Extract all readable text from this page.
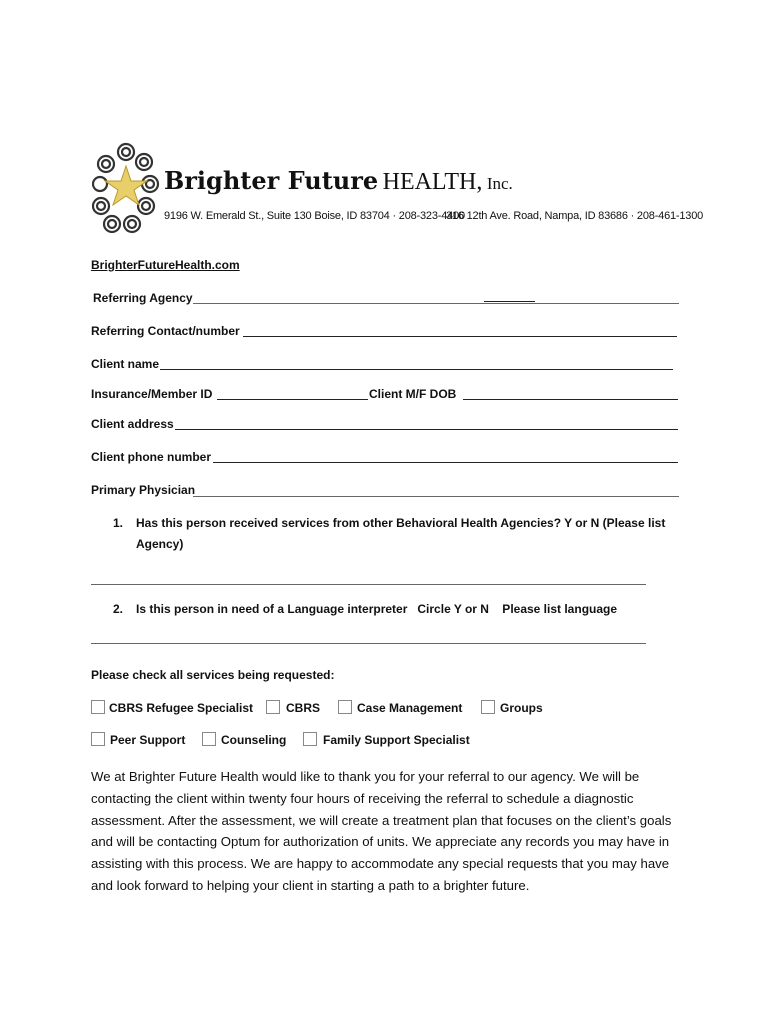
Brighter Future HEALTH, Inc.
9196 W. Emerald St., Suite 130 Boise, ID 83704 · 208-323-4400
316 12th Ave. Road, Nampa, ID 83686 · 208-461-1300
BrighterFutureHealth.com
Referring Agency
Referring Contact/number
Client name
Insurance/Member ID	Client M/F DOB
Client address
Client phone number
Primary Physician
1. Has this person received services from other Behavioral Health Agencies? Y or N (Please list
Agency)
2. Is this person in need of a Language interpreter   Circle Y or N    Please list language
Please check all services being requested:
CBRS Refugee Specialist	CBRS	Case Management	Groups
Peer Support	Counseling	Family Support Specialist
We at Brighter Future Health would like to thank you for your referral to our agency. We will be contacting the client within twenty four hours of receiving the referral to schedule a diagnostic assessment. After the assessment, we will create a treatment plan that focuses on the client’s goals and will be contacting Optum for authorization of units. We appreciate any records you may have in assisting with this process. We are happy to accommodate any special requests that you may have and look forward to helping your client in starting a path to a brighter future.
